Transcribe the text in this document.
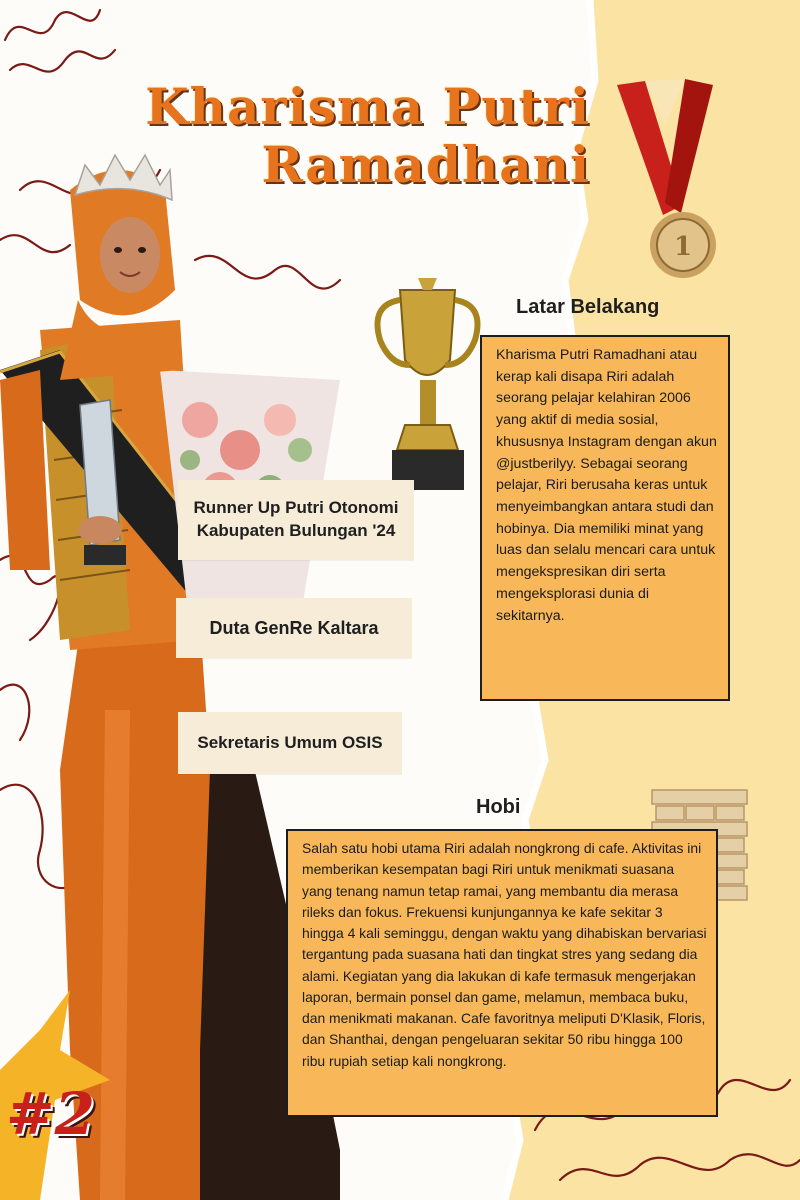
Kharisma Putri
Ramadhani
1
Runner Up Putri Otonomi Kabupaten Bulungan '24
Duta GenRe Kaltara
Sekretaris Umum OSIS
Latar Belakang
Kharisma Putri Ramadhani atau kerap kali disapa Riri adalah seorang pelajar kelahiran 2006 yang aktif di media sosial, khususnya Instagram dengan akun @justberilyy. Sebagai seorang pelajar, Riri berusaha keras untuk menyeimbangkan antara studi dan hobinya. Dia memiliki minat yang luas dan selalu mencari cara untuk mengekspresikan diri serta mengeksplorasi dunia di sekitarnya.
Hobi
Salah satu hobi utama Riri adalah nongkrong di cafe. Aktivitas ini memberikan kesempatan bagi Riri untuk menikmati suasana yang tenang namun tetap ramai, yang membantu dia merasa rileks dan fokus. Frekuensi kunjungannya ke kafe sekitar 3 hingga 4 kali seminggu, dengan waktu yang dihabiskan bervariasi tergantung pada suasana hati dan tingkat stres yang sedang dia alami. Kegiatan yang dia lakukan di kafe termasuk mengerjakan laporan, bermain ponsel dan game, melamun, membaca buku, dan menikmati makanan. Cafe favoritnya meliputi D'Klasik, Floris, dan Shanthai, dengan pengeluaran sekitar 50 ribu hingga 100 ribu rupiah setiap kali nongkrong.
#2
